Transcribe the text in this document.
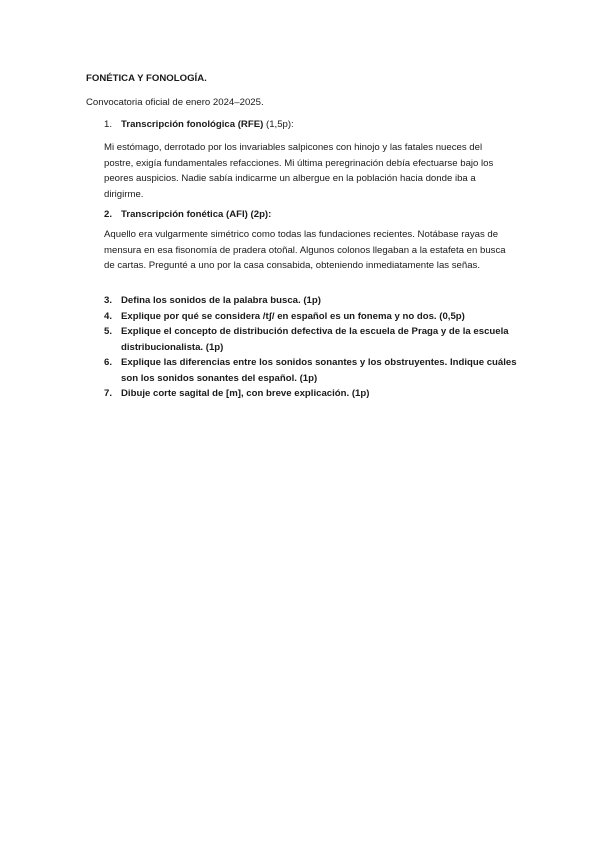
FONÉTICA Y FONOLOGÍA.
Convocatoria oficial de enero 2024–2025.
1. Transcripción fonológica (RFE) (1,5p):
Mi estómago, derrotado por los invariables salpicones con hinojo y las fatales nueces del postre, exigía fundamentales refacciones. Mi última peregrinación debía efectuarse bajo los peores auspicios. Nadie sabía indicarme un albergue en la población hacia donde iba a dirigirme.
2. Transcripción fonética (AFI) (2p):
Aquello era vulgarmente simétrico como todas las fundaciones recientes. Notábase rayas de mensura en esa fisonomía de pradera otoñal. Algunos colonos llegaban a la estafeta en busca de cartas. Pregunté a uno por la casa consabida, obteniendo inmediatamente las señas.
3. Defina los sonidos de la palabra busca. (1p)
4. Explique por qué se considera /tʃ/ en español es un fonema y no dos. (0,5p)
5. Explique el concepto de distribución defectiva de la escuela de Praga y de la escuela distribucionalista. (1p)
6. Explique las diferencias entre los sonidos sonantes y los obstruyentes. Indique cuáles son los sonidos sonantes del español. (1p)
7. Dibuje corte sagital de [m], con breve explicación. (1p)
